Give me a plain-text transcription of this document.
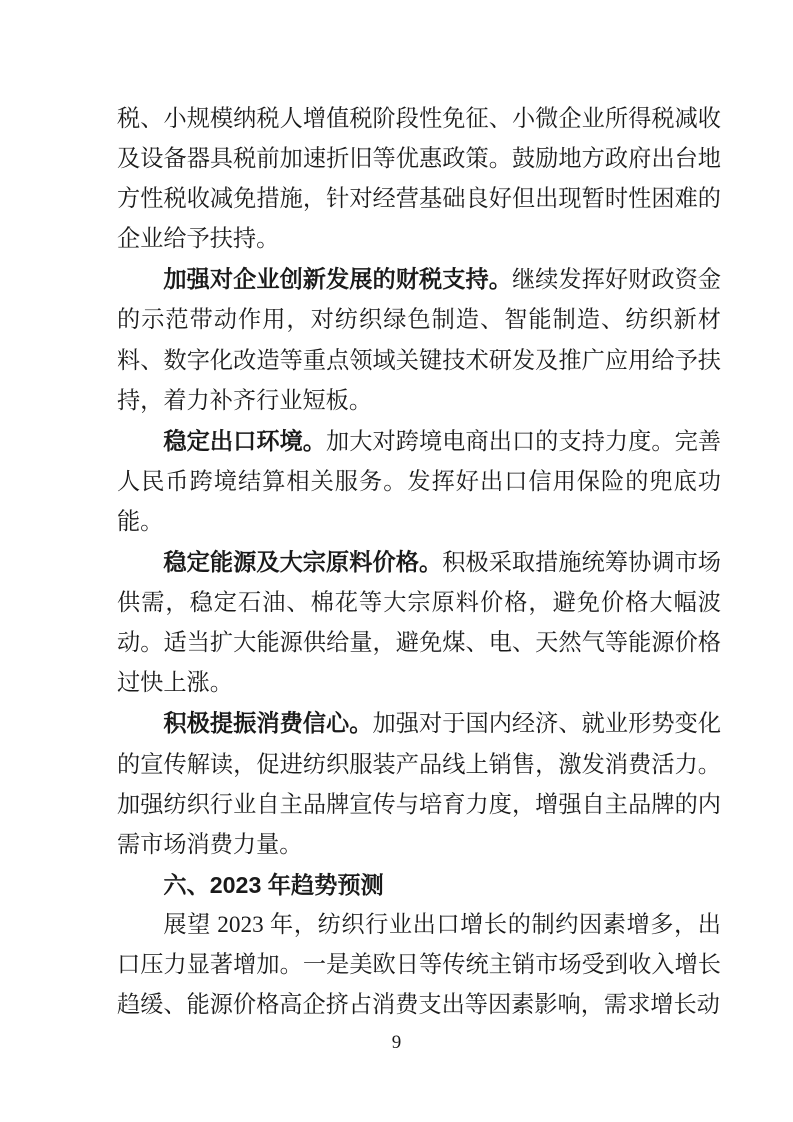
税、小规模纳税人增值税阶段性免征、小微企业所得税减收及设备器具税前加速折旧等优惠政策。鼓励地方政府出台地方性税收减免措施，针对经营基础良好但出现暂时性困难的企业给予扶持。

加强对企业创新发展的财税支持。继续发挥好财政资金的示范带动作用，对纺织绿色制造、智能制造、纺织新材料、数字化改造等重点领域关键技术研发及推广应用给予扶持，着力补齐行业短板。

稳定出口环境。加大对跨境电商出口的支持力度。完善人民币跨境结算相关服务。发挥好出口信用保险的兜底功能。

稳定能源及大宗原料价格。积极采取措施统筹协调市场供需，稳定石油、棉花等大宗原料价格，避免价格大幅波动。适当扩大能源供给量，避免煤、电、天然气等能源价格过快上涨。

积极提振消费信心。加强对于国内经济、就业形势变化的宣传解读，促进纺织服装产品线上销售，激发消费活力。加强纺织行业自主品牌宣传与培育力度，增强自主品牌的内需市场消费力量。

六、2023 年趋势预测

展望 2023 年，纺织行业出口增长的制约因素增多，出口压力显著增加。一是美欧日等传统主销市场受到收入增长趋缓、能源价格高企挤占消费支出等因素影响，需求增长动

9
